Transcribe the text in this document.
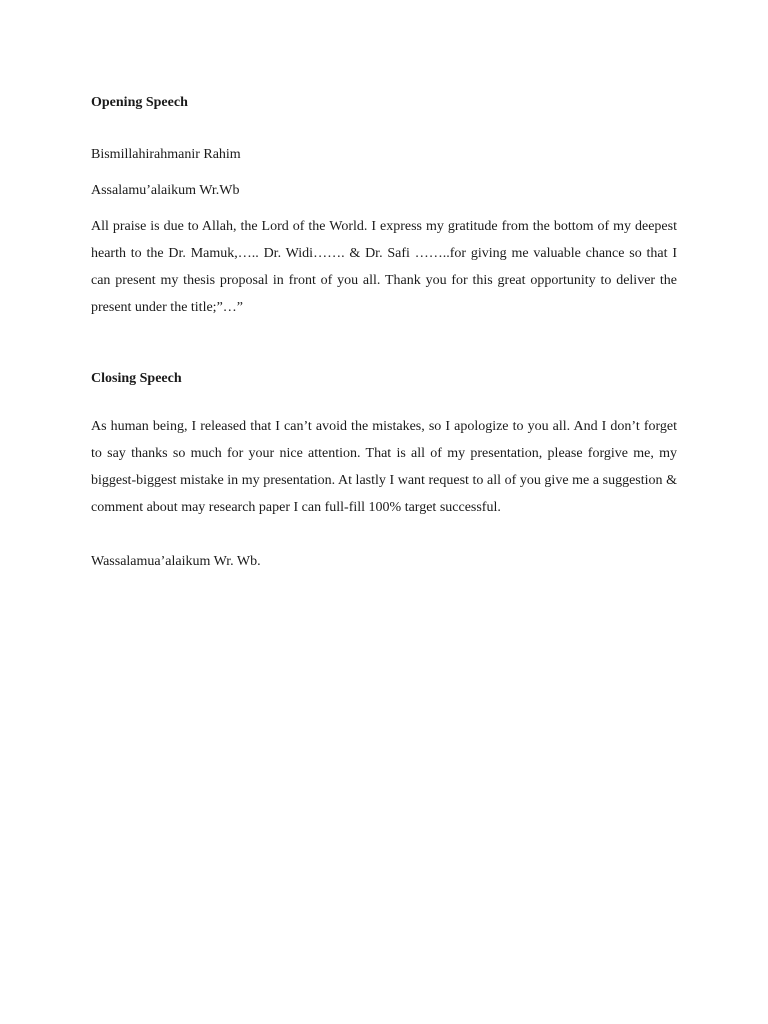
Opening Speech

Bismillahirahmanir Rahim

Assalamu’alaikum Wr.Wb

All praise is due to Allah, the Lord of the World. I express my gratitude from the bottom of my deepest hearth to the Dr. Mamuk,….. Dr. Widi……. & Dr. Safi ……..for giving me valuable chance so that I can present my thesis proposal in front of you all. Thank you for this great opportunity to deliver the present under the title;”…”

Closing Speech

As human being, I released that I can’t avoid the mistakes, so I apologize to you all. And I don’t forget to say thanks so much for your nice attention. That is all of my presentation, please forgive me, my biggest-biggest mistake in my presentation. At lastly I want request to all of you give me a suggestion & comment about may research paper I can full-fill 100% target successful.

Wassalamua’alaikum Wr. Wb.
